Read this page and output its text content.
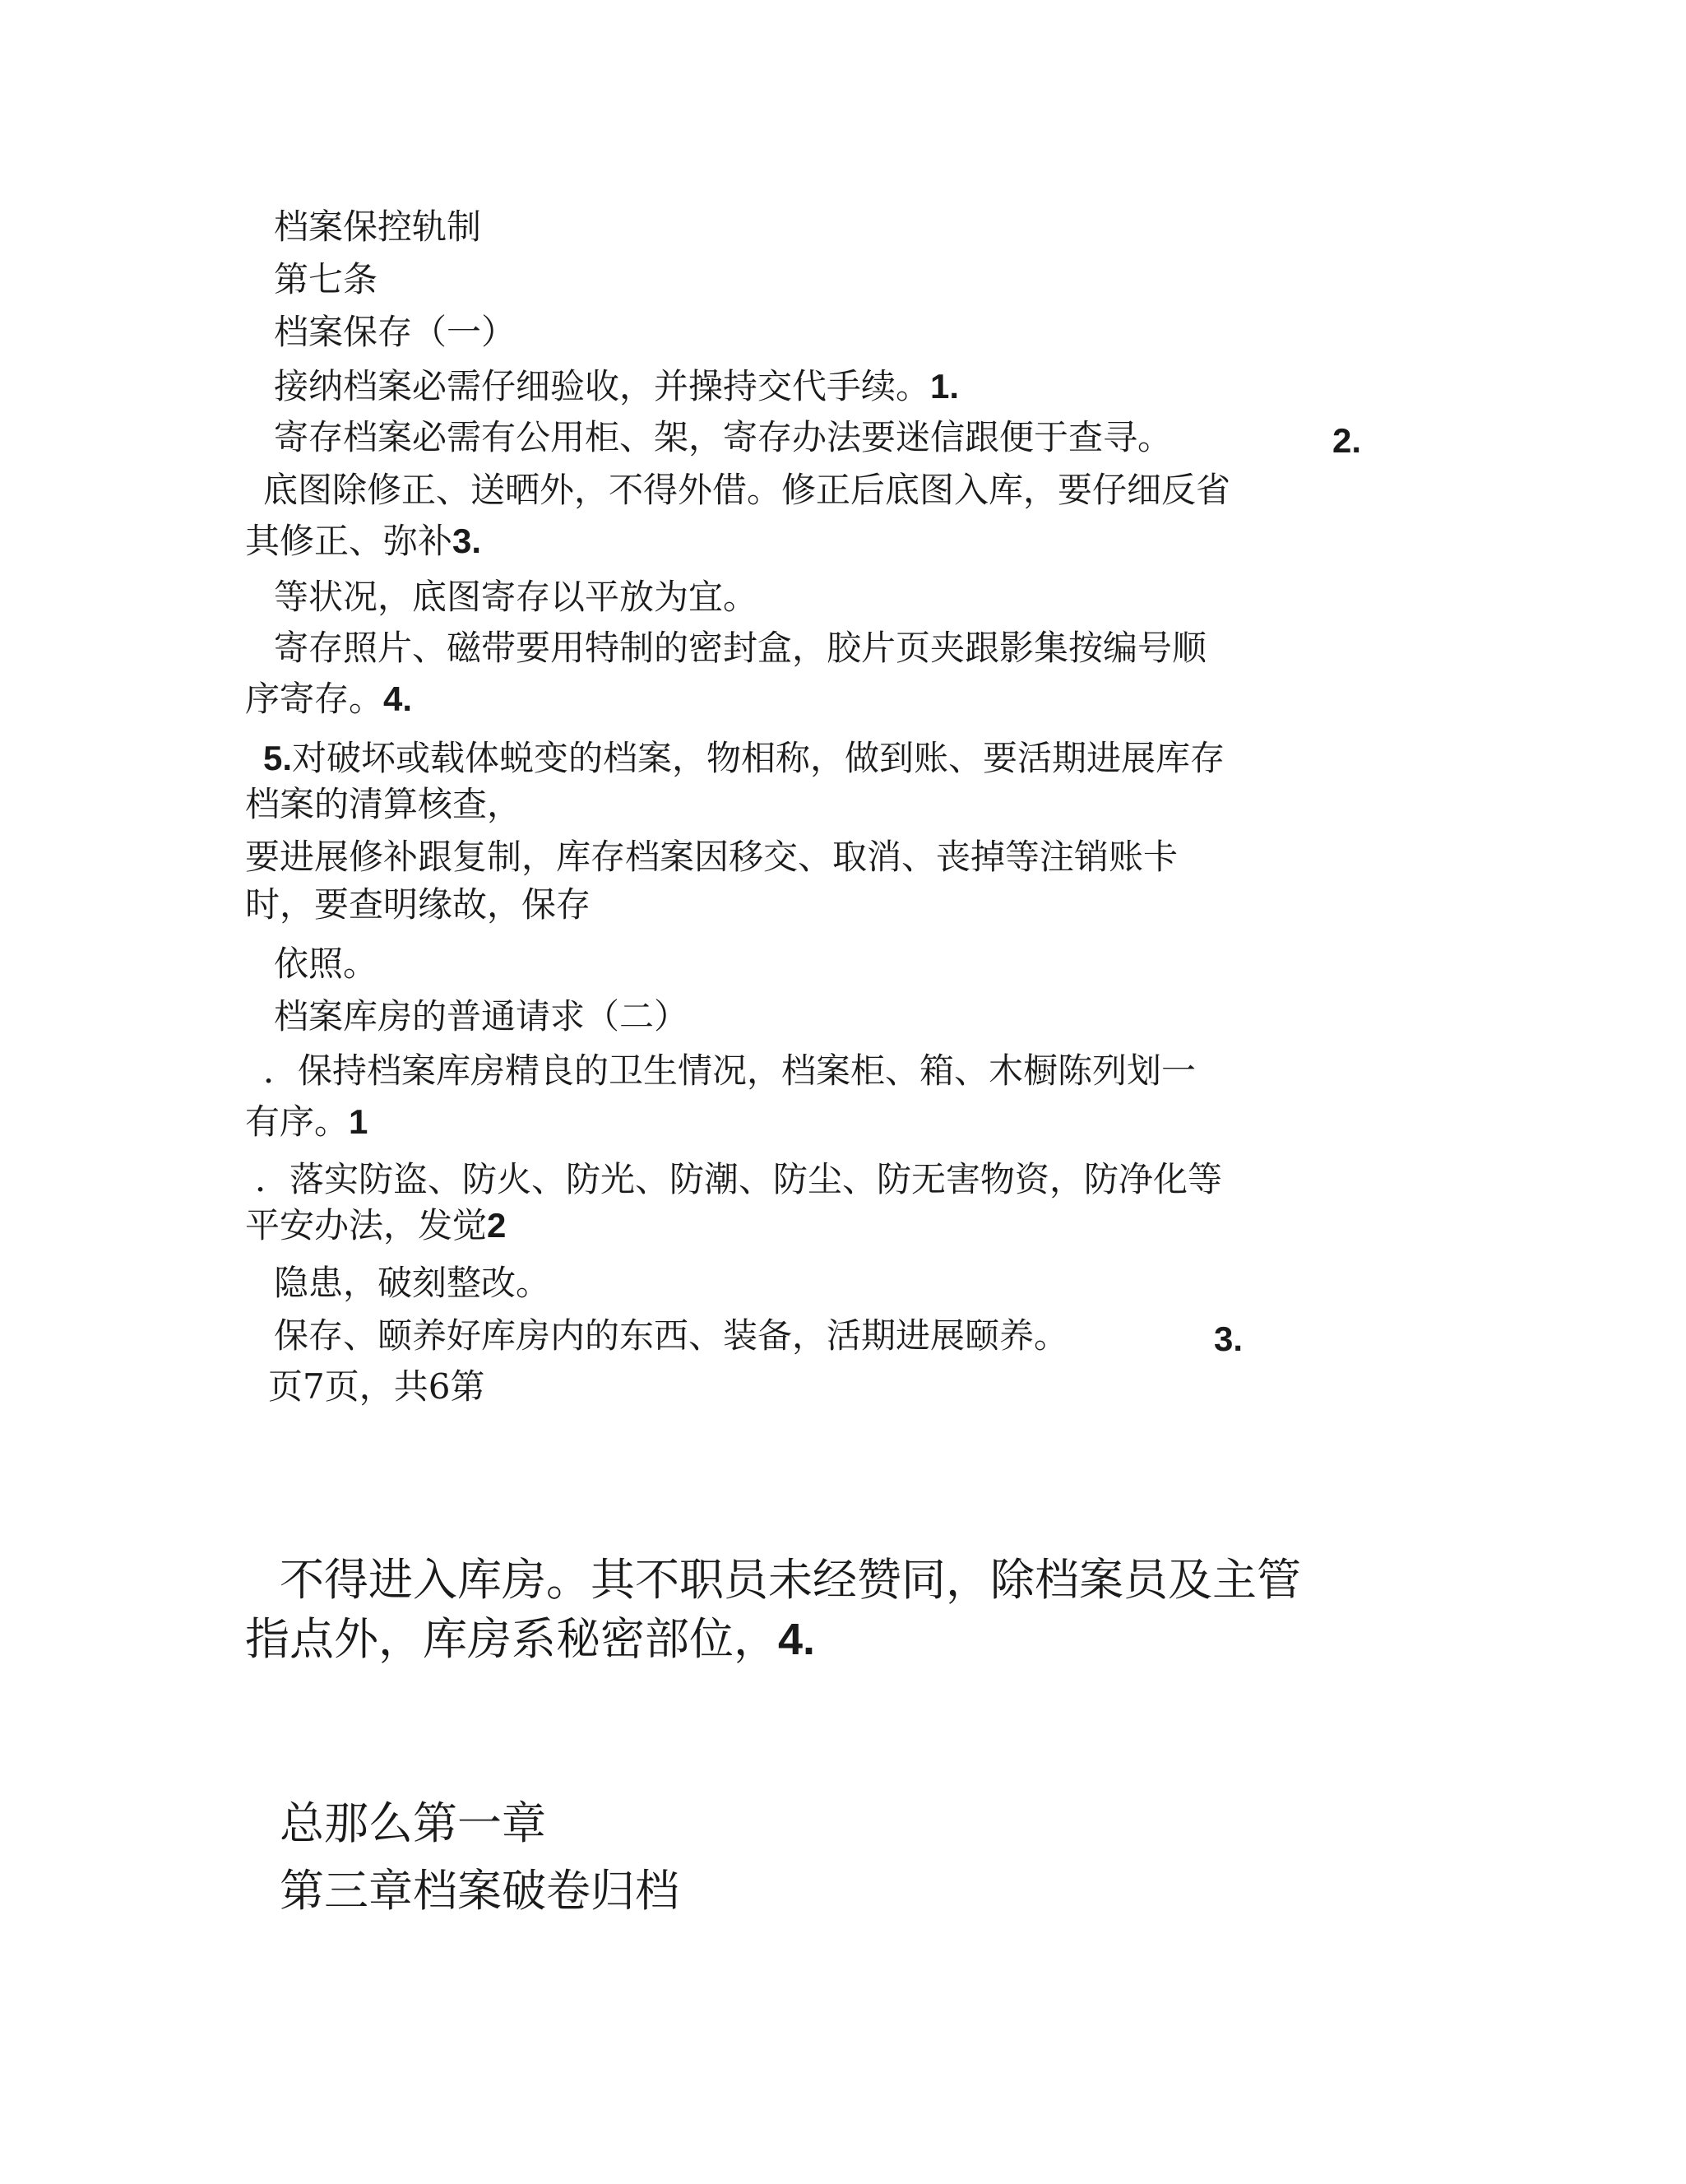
档案保控轨制
第七条
档案保存（一）
接纳档案必需仔细验收，并操持交代手续。1.
寄存档案必需有公用柜、架，寄存办法要迷信跟便于查寻。	2.
底图除修正、送晒外，不得外借。修正后底图入库，要仔细反省
其修正、弥补3.
等状况，底图寄存以平放为宜。
寄存照片、磁带要用特制的密封盒，胶片页夹跟影集按编号顺
序寄存。4.
5.对破坏或载体蜕变的档案，物相称，做到账、要活期进展库存
档案的清算核查，
要进展修补跟复制，库存档案因移交、取消、丧掉等注销账卡
时，要查明缘故，保存
依照。
档案库房的普通请求（二）
．保持档案库房精良的卫生情况，档案柜、箱、木橱陈列划一
有序。1
．落实防盗、防火、防光、防潮、防尘、防无害物资，防净化等
平安办法，发觉2
隐患，破刻整改。
保存、颐养好库房内的东西、装备，活期进展颐养。	3.
页7页，共6第
不得进入库房。其不职员未经赞同，除档案员及主管
指点外，库房系秘密部位，4.
总那么第一章
第三章档案破卷归档
